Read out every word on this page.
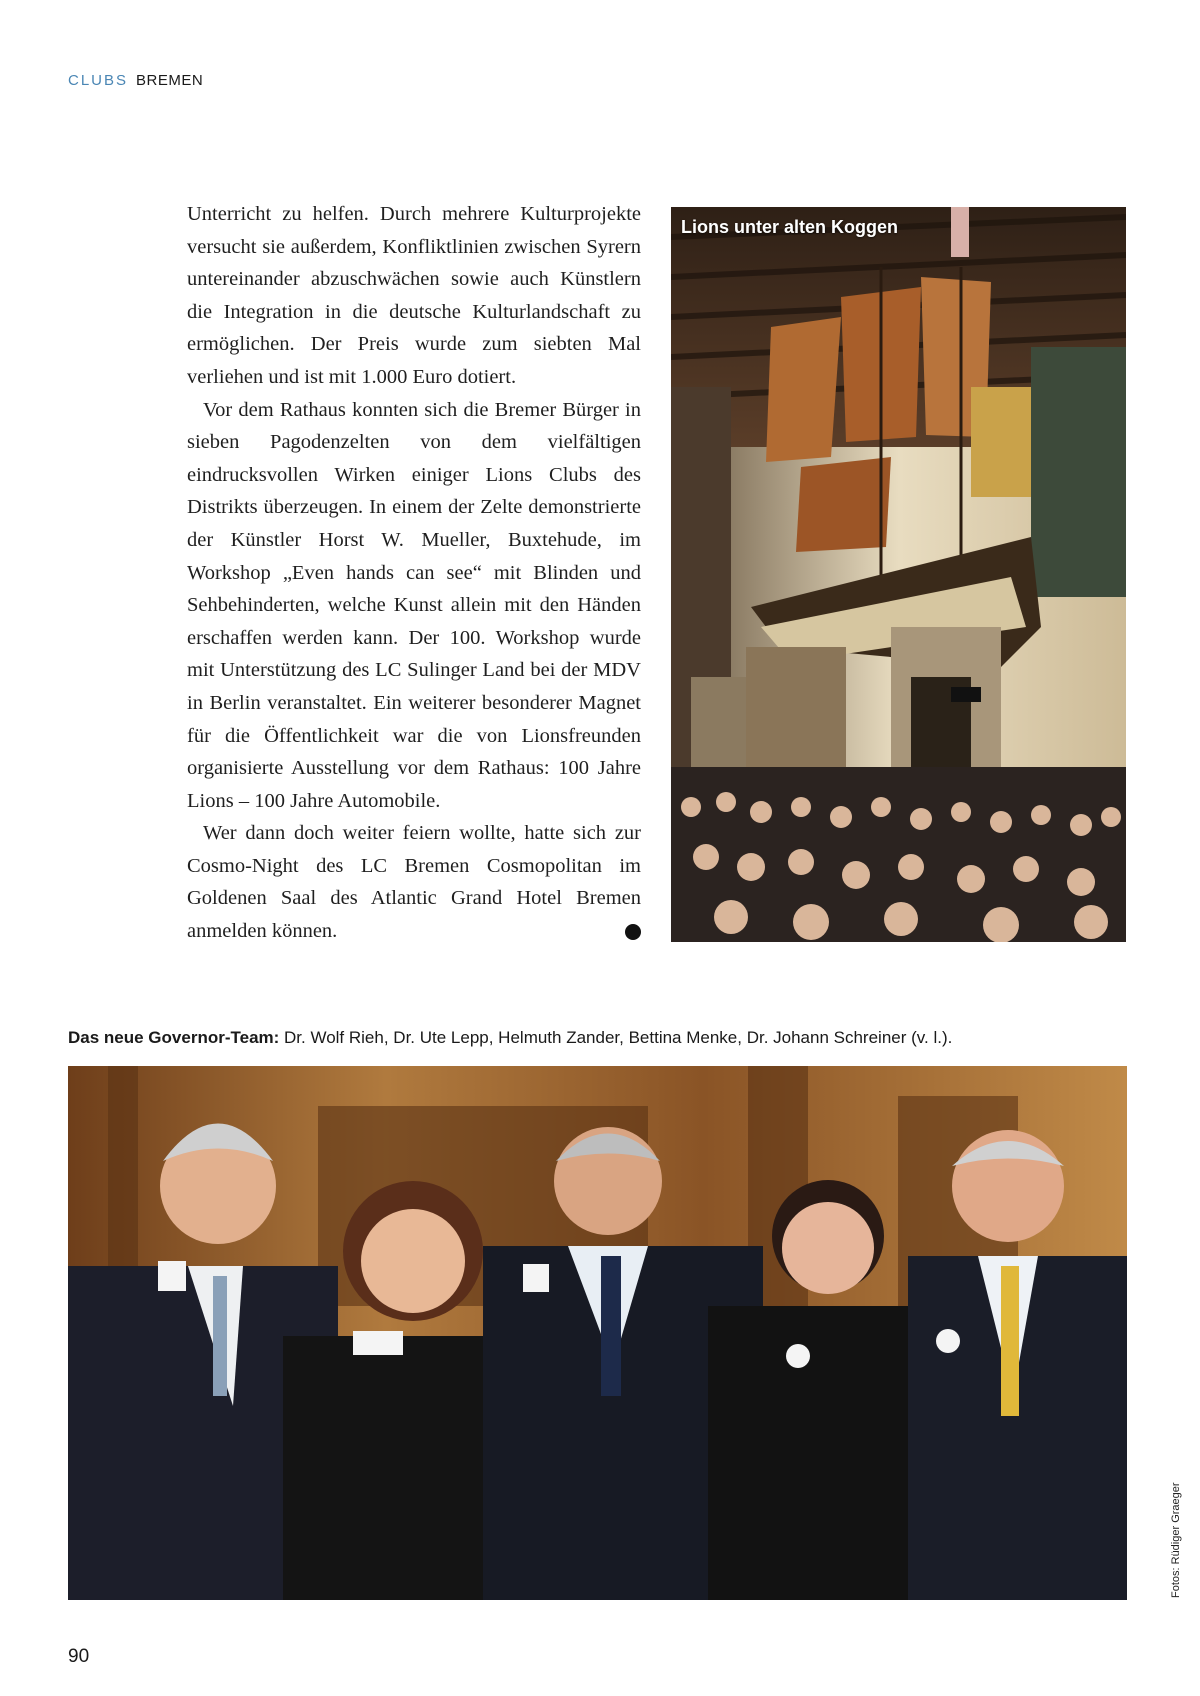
CLUBS BREMEN

Unterricht zu helfen. Durch mehrere Kulturprojekte versucht sie außerdem, Konfliktlinien zwischen Syrern untereinander abzuschwächen sowie auch Künstlern die Integration in die deutsche Kulturlandschaft zu ermöglichen. Der Preis wurde zum siebten Mal verliehen und ist mit 1.000 Euro dotiert.

Vor dem Rathaus konnten sich die Bremer Bürger in sieben Pagodenzelten von dem vielfältigen eindrucksvollen Wirken einiger Lions Clubs des Distrikts überzeugen. In einem der Zelte demonstrierte der Künstler Horst W. Mueller, Buxtehude, im Workshop „Even hands can see“ mit Blinden und Sehbehinderten, welche Kunst allein mit den Händen erschaffen werden kann. Der 100. Workshop wurde mit Unterstützung des LC Sulinger Land bei der MDV in Berlin veranstaltet. Ein weiterer besonderer Magnet für die Öffentlichkeit war die von Lionsfreunden organisierte Ausstellung vor dem Rathaus: 100 Jahre Lions – 100 Jahre Automobile.

Wer dann doch weiter feiern wollte, hatte sich zur Cosmo-Night des LC Bremen Cosmopolitan im Goldenen Saal des Atlantic Grand Hotel Bremen anmelden können.	L

Lions unter alten Koggen
Das neue Governor-Team: Dr. Wolf Rieh, Dr. Ute Lepp, Helmuth Zander, Bettina Menke, Dr. Johann Schreiner (v. l.).
Fotos: Rüdiger Graeger
90
